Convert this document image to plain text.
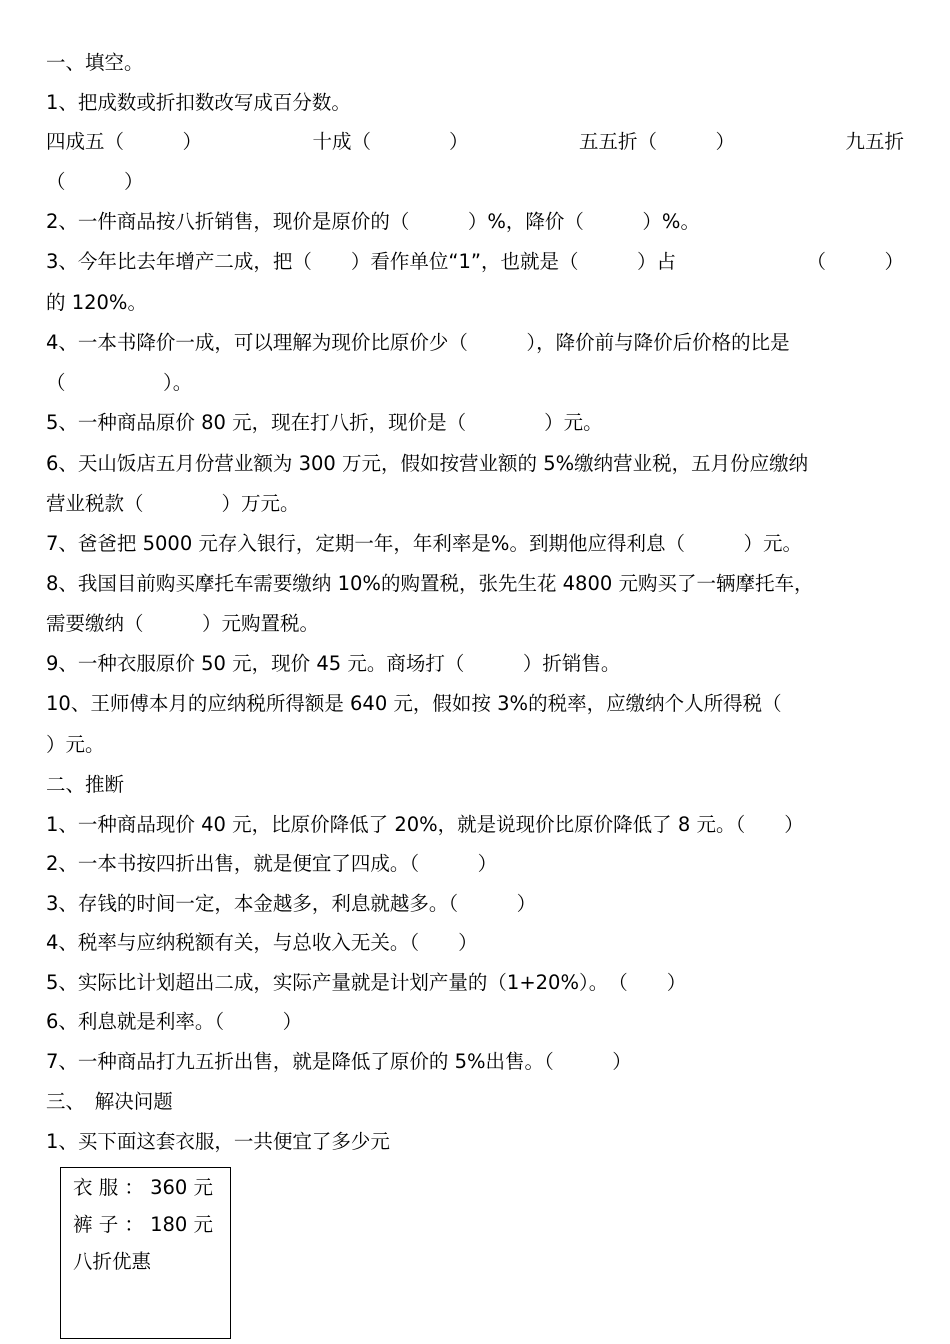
一、填空。
1、把成数或折扣数改写成百分数。
四成五（　　　）	十成（　　　　）	五五折（　　　）	九五折
（　　　）
2、一件商品按八折销售，现价是原价的（　　　）%，降价（　　　）%。
3、今年比去年增产二成，把（　　）看作单位“1”，也就是（　　　）占	（　　　）
的 120%。
4、一本书降价一成，可以理解为现价比原价少（　　　），降价前与降价后价格的比是
（　　　　　）。
5、一种商品原价 80 元，现在打八折，现价是（　　　　）元。
6、天山饭店五月份营业额为 300 万元，假如按营业额的 5%缴纳营业税，五月份应缴纳
营业税款（　　　　）万元。
7、爸爸把 5000 元存入银行，定期一年，年利率是%。到期他应得利息（　　　）元。
8、我国目前购买摩托车需要缴纳 10%的购置税，张先生花 4800 元购买了一辆摩托车，
需要缴纳（　　　）元购置税。
9、一种衣服原价 50 元，现价 45 元。商场打（　　　）折销售。
10、王师傅本月的应纳税所得额是 640 元，假如按 3%的税率，应缴纳个人所得税（
）元。
二、推断
1、一种商品现价 40 元，比原价降低了 20%，就是说现价比原价降低了 8 元。（　　）
2、一本书按四折出售，就是便宜了四成。（　　　）
3、存钱的时间一定，本金越多，利息就越多。（　　　）
4、税率与应纳税额有关，与总收入无关。（　　）
5、实际比计划超出二成，实际产量就是计划产量的（1+20%）。　（　　）
6、利息就是利率。（　　　）
7、一种商品打九五折出售，就是降低了原价的 5%出售。（　　　）
三、　解决问题
1、买下面这套衣服，一共便宜了多少元
衣 服 ： 360 元
裤 子 ： 180 元
八折优惠
